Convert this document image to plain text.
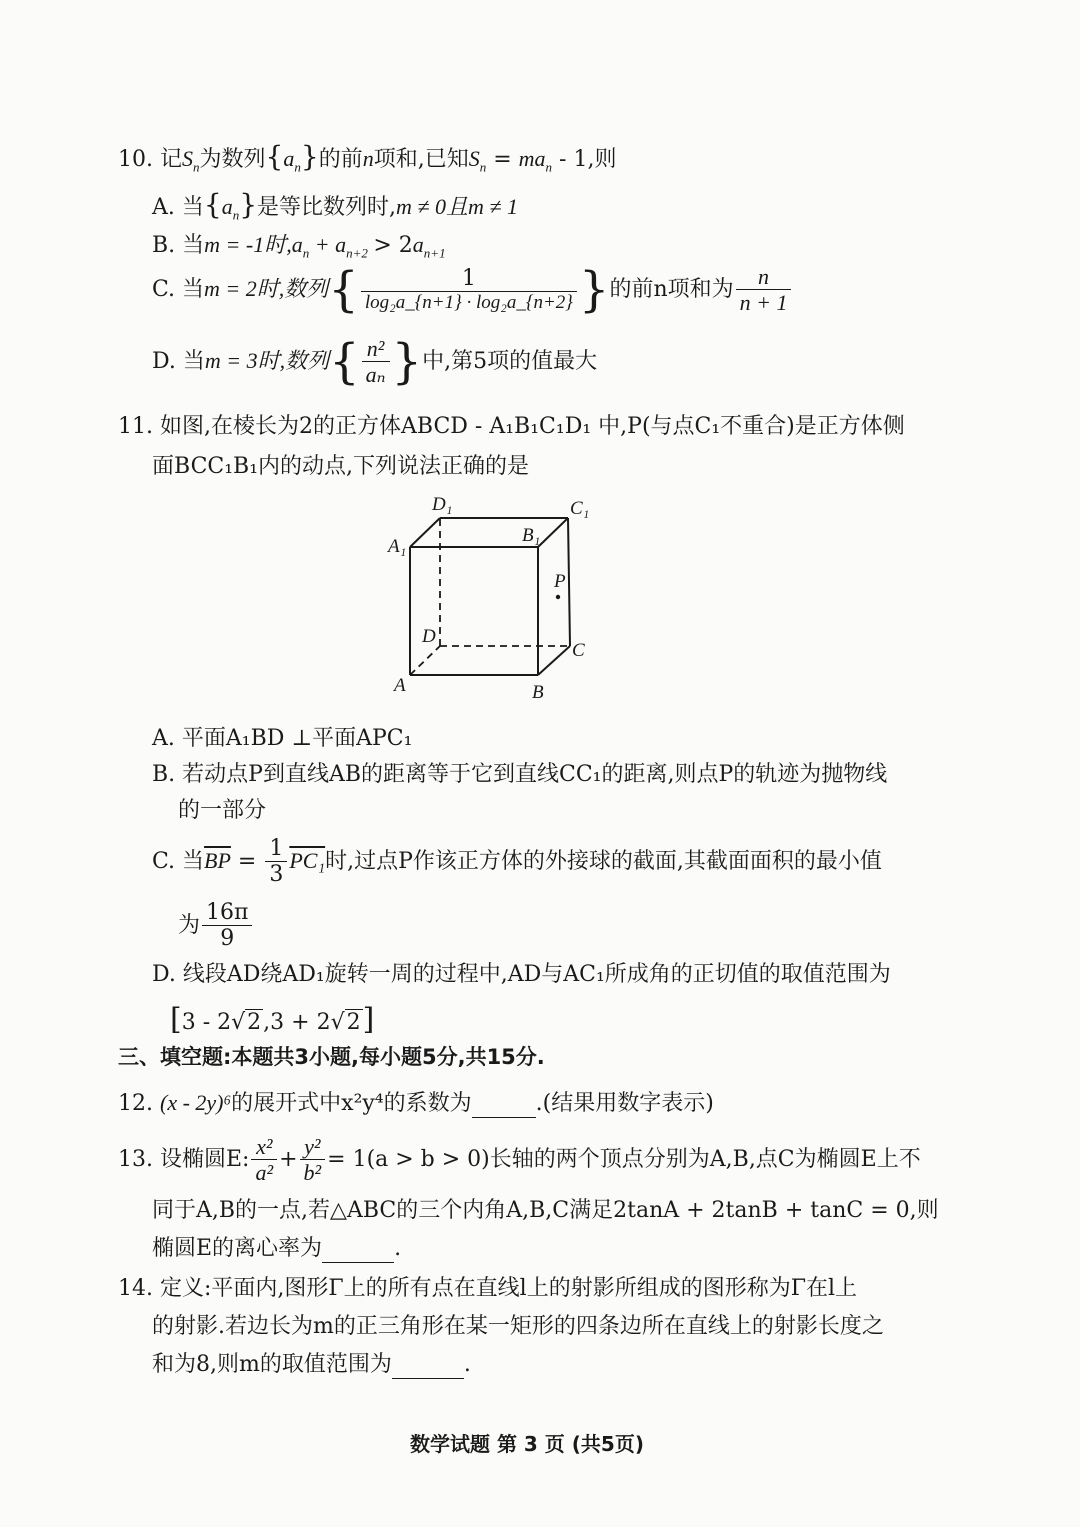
10. 记$S_n$为数列$\{a_n\}$的前n项和,已知$S_n = ma_n - 1$,则
A. 当$\{a_n\}$是等比数列时,m ≠ 0且m ≠ 1
B. 当m = -1时$,a_n + a_{n+2} > 2a_{n+1}$
C. 当m = 2时,数列{ $\frac{1}{\text{log₂a\_\{n+1\} · log₂a\_\{n+2\}}}$ }的前n项和为 $\frac{n}{n + 1}$
D. 当m = 3时,数列{ $\frac{\text{n²}}{\text{aₙ}}$ }中,第5项的值最大
11. 如图,在棱长为2的正方体ABCD - A₁B₁C₁D₁ 中,P(与点C₁不重合)是正方体侧
面BCC₁B₁内的动点,下列说法正确的是
D₁	C₁
A₁
B₁
P
D
C
A	B
A. 平面A₁BD ⊥平面APC₁
B. 若动点P到直线AB的距离等于它到直线CC₁的距离,则点P的轨迹为抛物线
的一部分
C. 当$\overline{BP} = \frac{1}{3} PC_1$时,过点P作该正方体的外接球的截面,其截面面积的最小值
为 $\frac{16\pi}{9}$
D. 线段AD绕AD₁旋转一周的过程中,AD与AC₁所成角的正切值的取值范围为
[3 - 2√2,3 + 2√2]
三、填空题:本题共3小题,每小题5分,共15分.
12. (x - 2y)⁶的展开式中x²y⁴的系数为	.(结果用数字表示)
13. 设椭圆E: $\frac{\text{x²}}{\text{a²}} + \frac{\text{y²}}{\text{b²}} = 1(a > b > 0)$长轴的两个顶点分别为A,B,点C为椭圆E上不
同于A,B的一点,若△ABC的三个内角A,B,C满足2tanA + 2tanB + tanC = 0,则
椭圆E的离心率为	.
14. 定义:平面内,图形Γ上的所有点在直线l上的射影所组成的图形称为Γ在l上
的射影.若边长为m的正三角形在某一矩形的四条边所在直线上的射影长度之
和为8,则m的取值范围为	.
数学试题 第 3 页 (共5页)
